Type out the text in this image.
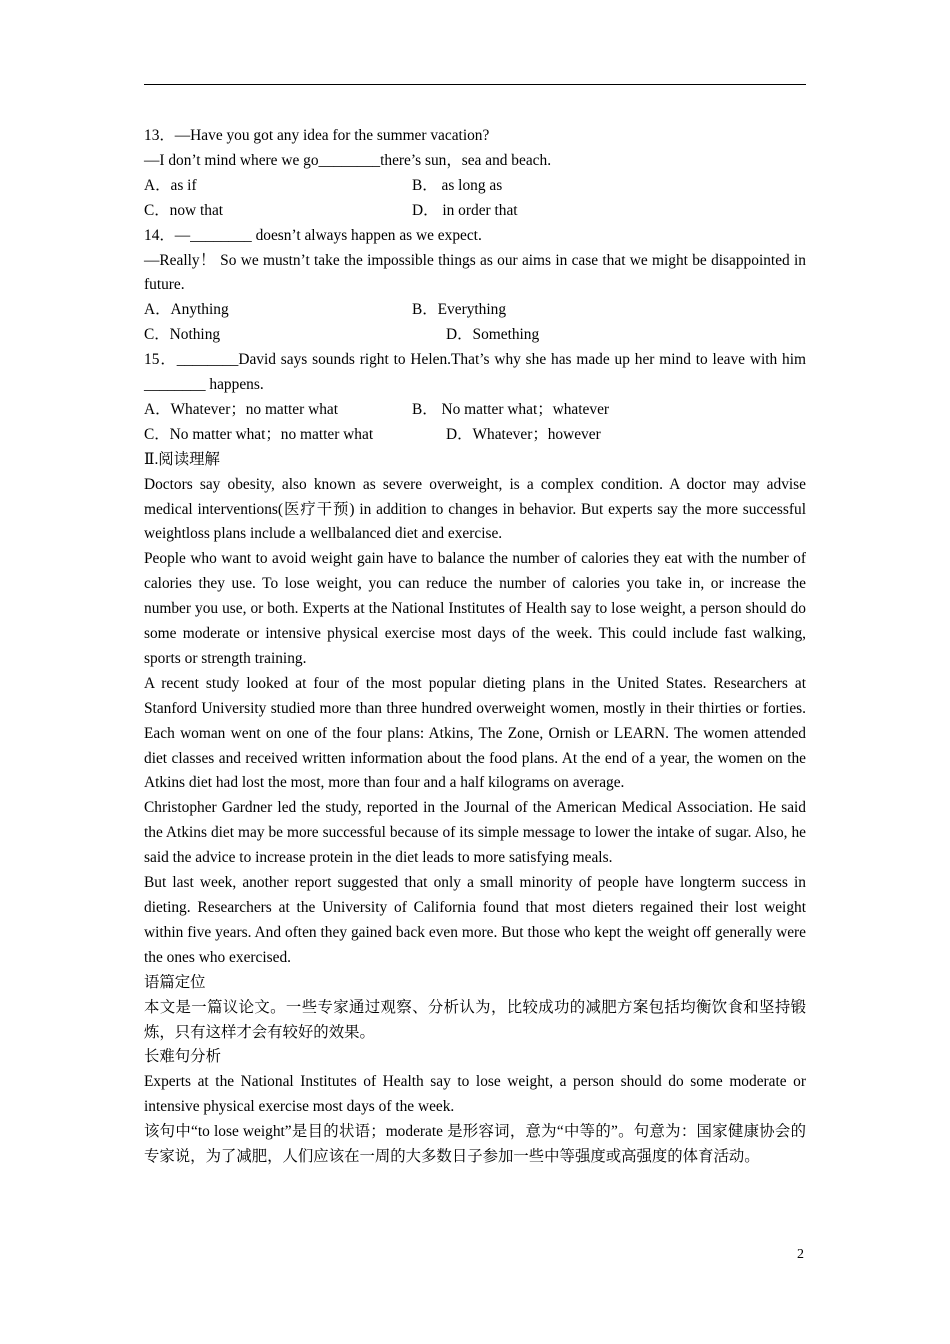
13．—Have you got any idea for the summer vacation?
—I don’t mind where we go________there’s sun，sea and beach.
A．as if	B． as long as
C．now that	D． in order that
14．—________ doesn’t always happen as we expect.

—Really！ So we mustn’t take the impossible things as our aims in case that we might be disappointed in future.

A．Anything	B．Everything
C．Nothing	D．Something

15．________David says sounds right to Helen.That’s why she has made up her mind to leave with him ________ happens.

A．Whatever；no matter what	B． No matter what；whatever
C．No matter what；no matter what	D．Whatever；however
Ⅱ.阅读理解

Doctors say obesity, also known as severe overweight, is a complex condition. A doctor may advise medical interventions(医疗干预) in addition to changes in behavior. But experts say the more successful weightloss plans include a wellbalanced diet and exercise.

People who want to avoid weight gain have to balance the number of calories they eat with the number of calories they use. To lose weight, you can reduce the number of calories you take in, or increase the number you use, or both. Experts at the National Institutes of Health say to lose weight, a person should do some moderate or intensive physical exercise most days of the week. This could include fast walking, sports or strength training.

A recent study looked at four of the most popular dieting plans in the United States. Researchers at Stanford University studied more than three hundred overweight women, mostly in their thirties or forties. Each woman went on one of the four plans: Atkins, The Zone, Ornish or LEARN. The women attended diet classes and received written information about the food plans. At the end of a year, the women on the Atkins diet had lost the most, more than four and a half kilograms on average.

Christopher Gardner led the study, reported in the Journal of the American Medical Association. He said the Atkins diet may be more successful because of its simple message to lower the intake of sugar. Also, he said the advice to increase protein in the diet leads to more satisfying meals.

But last week, another report suggested that only a small minority of people have longterm success in dieting. Researchers at the University of California found that most dieters regained their lost weight within five years. And often they gained back even more. But those who kept the weight off generally were the ones who exercised.

语篇定位

本文是一篇议论文。一些专家通过观察、分析认为，比较成功的减肥方案包括均衡饮食和坚持锻炼，只有这样才会有较好的效果。

长难句分析

Experts at the National Institutes of Health say to lose weight, a person should do some moderate or intensive physical exercise most days of the week.

该句中“to lose weight”是目的状语；moderate 是形容词，意为“中等的”。句意为：国家健康协会的专家说，为了减肥，人们应该在一周的大多数日子参加一些中等强度或高强度的体育活动。

2
